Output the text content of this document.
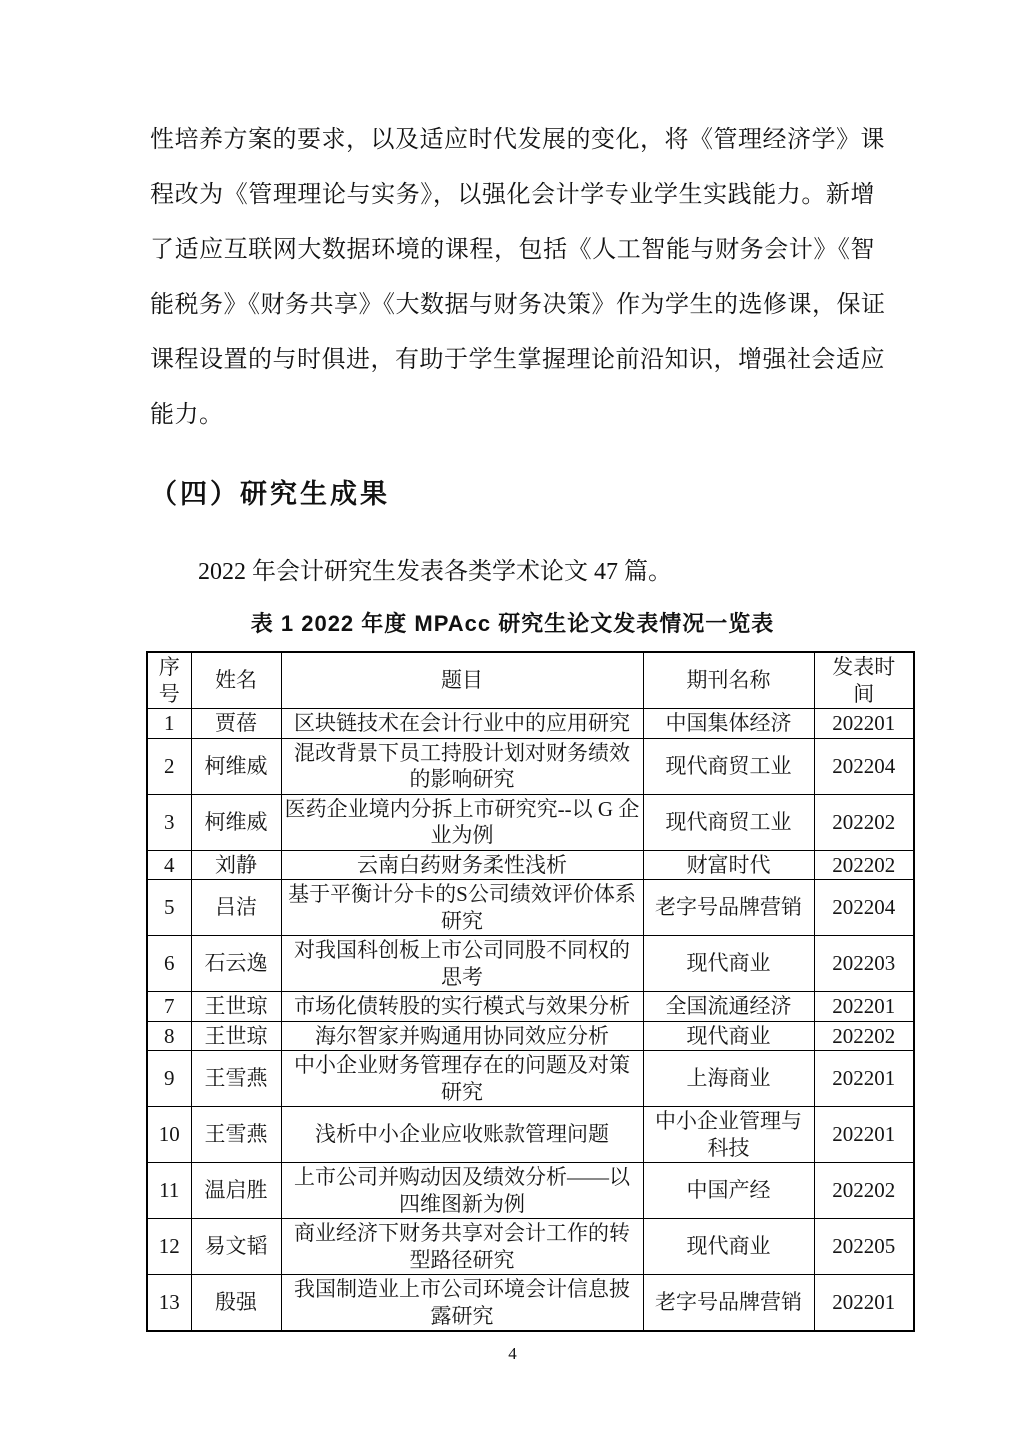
性培养方案的要求，以及适应时代发展的变化，将《管理经济学》课
程改为《管理理论与实务》，以强化会计学专业学生实践能力。新增
了适应互联网大数据环境的课程，包括《人工智能与财务会计》《智
能税务》《财务共享》《大数据与财务决策》作为学生的选修课，保证
课程设置的与时俱进，有助于学生掌握理论前沿知识，增强社会适应
能力。
（四）研究生成果
2022 年会计研究生发表各类学术论文 47 篇。
表 1 2022 年度 MPAcc 研究生论文发表情况一览表
序号	姓名	题目	期刊名称	发表时间
1	贾蓓	区块链技术在会计行业中的应用研究	中国集体经济	202201
2	柯维威	混改背景下员工持股计划对财务绩效的影响研究	现代商贸工业	202204
3	柯维威	医药企业境内分拆上市研究究--以 G 企业为例	现代商贸工业	202202
4	刘静	云南白药财务柔性浅析	财富时代	202202
5	吕洁	基于平衡计分卡的S公司绩效评价体系研究	老字号品牌营销	202204
6	石云逸	对我国科创板上市公司同股不同权的思考	现代商业	202203
7	王世琼	市场化债转股的实行模式与效果分析	全国流通经济	202201
8	王世琼	海尔智家并购通用协同效应分析	现代商业	202202
9	王雪燕	中小企业财务管理存在的问题及对策研究	上海商业	202201
10	王雪燕	浅析中小企业应收账款管理问题	中小企业管理与科技	202201
11	温启胜	上市公司并购动因及绩效分析——以四维图新为例	中国产经	202202
12	易文韬	商业经济下财务共享对会计工作的转型路径研究	现代商业	202205
13	殷强	我国制造业上市公司环境会计信息披露研究	老字号品牌营销	202201
4
